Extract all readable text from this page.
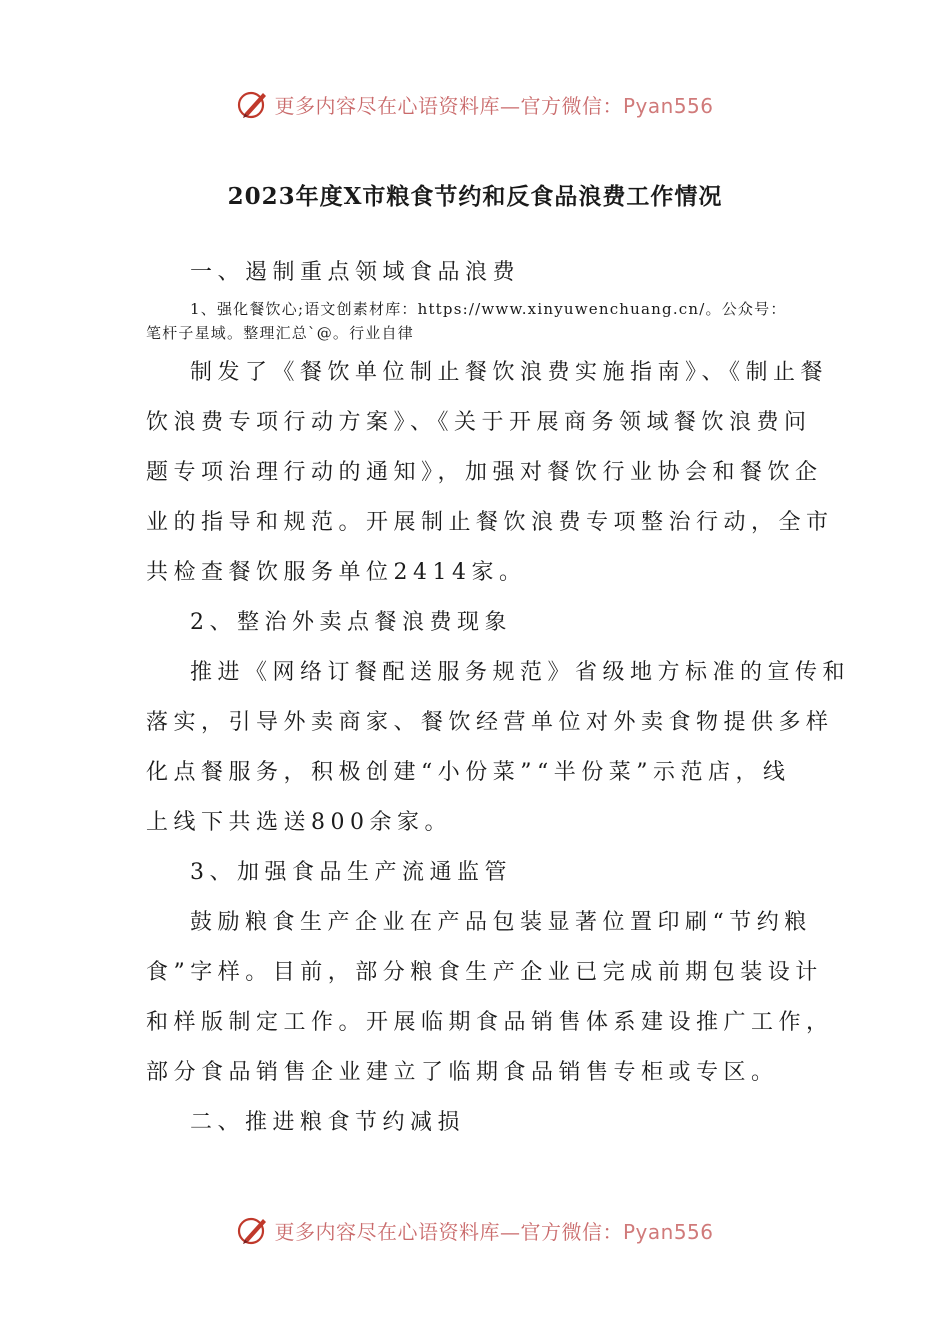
更多内容尽在心语资料库—官方微信：Pyan556
2023年度X市粮食节约和反食品浪费工作情况
一、遏制重点领域食品浪费
1、强化餐饮心;语文创素材库：https://www.xinyuwenchuang.cn/。公众号：
笔杆子星域。整理汇总`@。行业自律
制发了《餐饮单位制止餐饮浪费实施指南》、《制止餐
饮浪费专项行动方案》、《关于开展商务领域餐饮浪费问
题专项治理行动的通知》，加强对餐饮行业协会和餐饮企
业的指导和规范。开展制止餐饮浪费专项整治行动，全市
共检查餐饮服务单位2414家。
2、整治外卖点餐浪费现象
推进《网络订餐配送服务规范》省级地方标准的宣传和
落实，引导外卖商家、餐饮经营单位对外卖食物提供多样
化点餐服务，积极创建“小份菜”“半份菜”示范店，线
上线下共选送800余家。
3、加强食品生产流通监管
鼓励粮食生产企业在产品包装显著位置印刷“节约粮
食”字样。目前，部分粮食生产企业已完成前期包装设计
和样版制定工作。开展临期食品销售体系建设推广工作，
部分食品销售企业建立了临期食品销售专柜或专区。
二、推进粮食节约减损
更多内容尽在心语资料库—官方微信：Pyan556
